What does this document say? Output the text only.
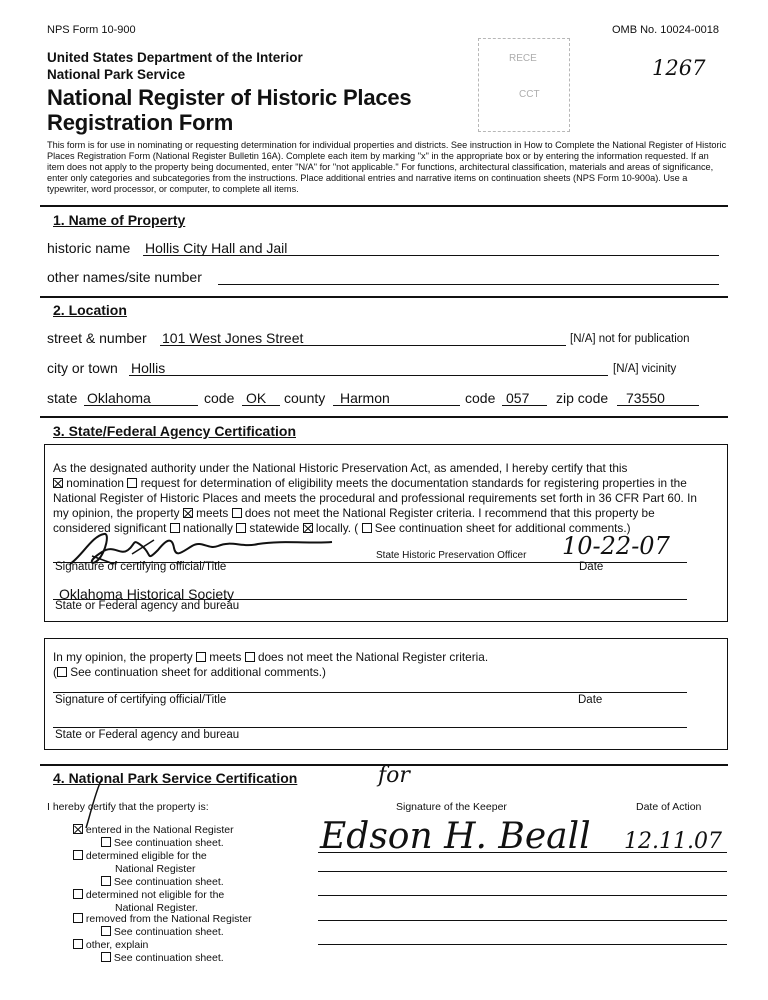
NPS Form 10-900	OMB No. 10024-0018
1267
RECE
CCT
United States Department of the Interior
National Park Service
National Register of Historic Places
Registration Form
This form is for use in nominating or requesting determination for individual properties and districts. See instruction in How to Complete the National Register of Historic Places Registration Form (National Register Bulletin 16A). Complete each item by marking "x" in the appropriate box or by entering the information requested. If an item does not apply to the property being documented, enter "N/A" for "not applicable." For functions, architectural classification, materials and areas of significance, enter only categories and subcategories from the instructions. Place additional entries and narrative items on continuation sheets (NPS Form 10-900a). Use a typewriter, word processor, or computer, to complete all items.
1. Name of Property
historic name Hollis City Hall and Jail
other names/site number
2. Location
street & number 101 West Jones Street	[N/A] not for publication
city or town Hollis	[N/A] vicinity
state Oklahoma	code OK county Harmon	code 057 zip code 73550
3. State/Federal Agency Certification
As the designated authority under the National Historic Preservation Act, as amended, I hereby certify that this
nomination request for determination of eligibility meets the documentation standards for registering properties in the
National Register of Historic Places and meets the procedural and professional requirements set forth in 36 CFR Part 60. In
my opinion, the property meets does not meet the National Register criteria. I recommend that this property be
considered significant nationally statewide locally. ( See continuation sheet for additional comments.)
State Historic Preservation Officer 10-22-07
Signature of certifying official/Title	Date
Oklahoma Historical Society
State or Federal agency and bureau
In my opinion, the property meets does not meet the National Register criteria.
( See continuation sheet for additional comments.)
Signature of certifying official/Title	Date
State or Federal agency and bureau
4. National Park Service Certification
I hereby certify that the property is:	Signature of the Keeper	Date of Action
for
Edson H. Beall 12.11.07
entered in the National Register
See continuation sheet.
determined eligible for the
National Register
See continuation sheet.
determined not eligible for the
National Register.
removed from the National Register
See continuation sheet.
other, explain
See continuation sheet.
